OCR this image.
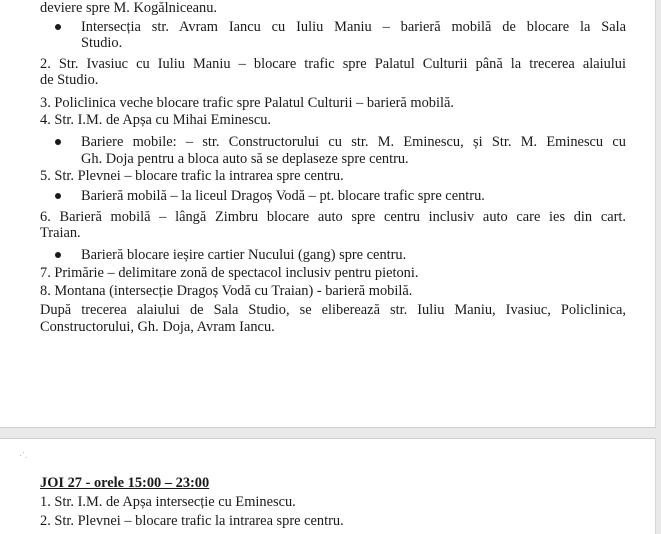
deviere spre M. Kogălniceanu.
Intersecția str. Avram Iancu cu Iuliu Maniu – barieră mobilă de blocare la Sala
Studio.
2. Str. Ivasiuc cu Iuliu Maniu – blocare trafic spre Palatul Culturii până la trecerea alaiului
de Studio.
3. Policlinica veche blocare trafic spre Palatul Culturii – barieră mobilă.
4. Str. I.M. de Apșa cu Mihai Eminescu.
Bariere mobile: – str. Constructorului cu str. M. Eminescu, și Str. M. Eminescu cu
Gh. Doja pentru a bloca auto să se deplaseze spre centru.
5. Str. Plevnei – blocare trafic la intrarea spre centru.
Barieră mobilă – la liceul Dragoș Vodă – pt. blocare trafic spre centru.
6. Barieră mobilă – lângă Zimbru blocare auto spre centru inclusiv auto care ies din cart.
Traian.
Barieră blocare ieșire cartier Nucului (gang) spre centru.
7. Primărie – delimitare zonă de spectacol inclusiv pentru pietoni.
8. Montana (intersecție Dragoș Vodă cu Traian) - barieră mobilă.
După trecerea alaiului de Sala Studio, se eliberează str. Iuliu Maniu, Ivasiuc, Policlinica,
Constructorului, Gh. Doja, Avram Iancu.
JOI 27 - orele 15:00 – 23:00
1. Str. I.M. de Apșa intersecție cu Eminescu.
2. Str. Plevnei – blocare trafic la intrarea spre centru.
